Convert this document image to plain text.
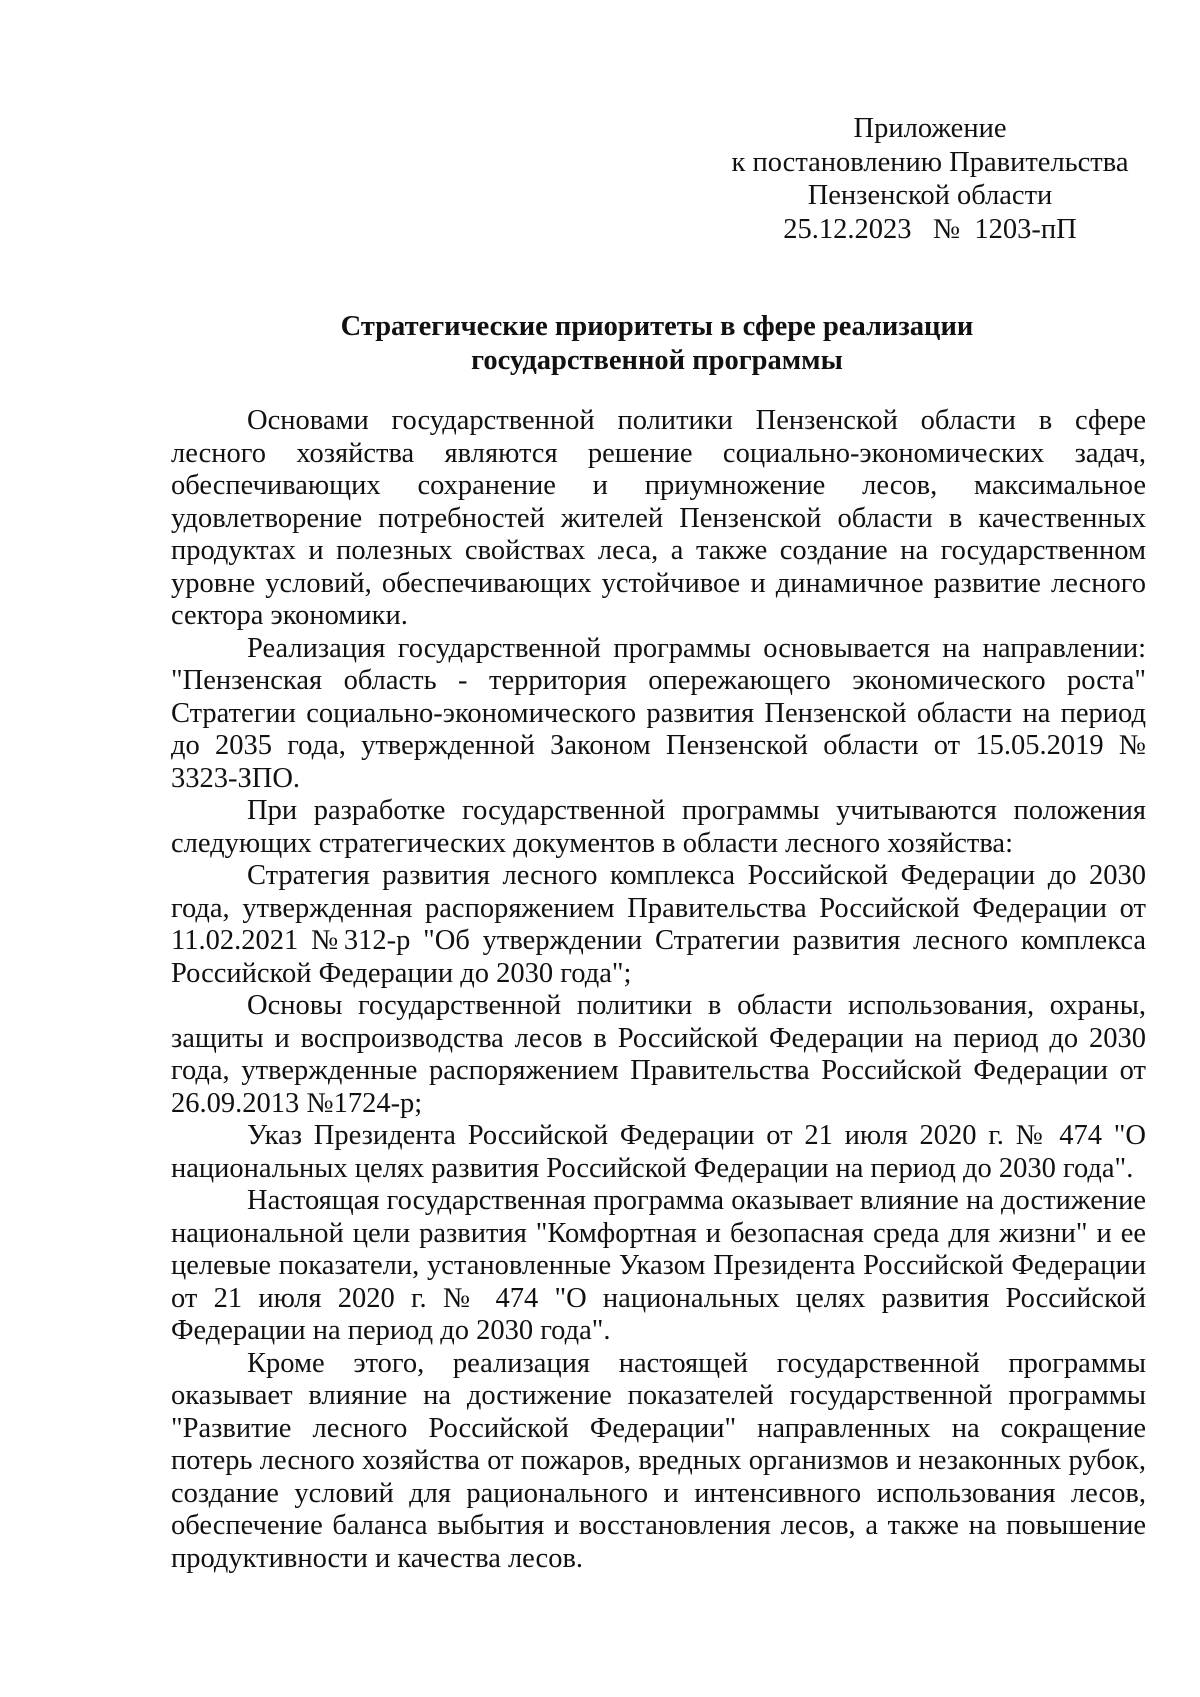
Приложение
к постановлению Правительства
Пензенской области
25.12.2023   №  1203-пП
Стратегические приоритеты в сфере реализации
государственной программы

Основами государственной политики Пензенской области в сфере лесного хозяйства являются решение социально-экономических задач, обеспечивающих сохранение и приумножение лесов, максимальное удовлетворение потребностей жителей Пензенской области в качественных продуктах и полезных свойствах леса, а также создание на государственном уровне условий, обеспечивающих устойчивое и динамичное развитие лесного сектора экономики.

Реализация государственной программы основывается на направлении: "Пензенская область - территория опережающего экономического роста" Стратегии социально-экономического развития Пензенской области на период до 2035 года, утвержденной Законом Пензенской области от 15.05.2019 № 3323-ЗПО.

При разработке государственной программы учитываются положения следующих стратегических документов в области лесного хозяйства:

Стратегия развития лесного комплекса Российской Федерации до 2030 года, утвержденная распоряжением Правительства Российской Федерации от 11.02.2021 №312-р "Об утверждении Стратегии развития лесного комплекса Российской Федерации до 2030 года";

Основы государственной политики в области использования, охраны, защиты и воспроизводства лесов в Российской Федерации на период до 2030 года, утвержденные распоряжением Правительства Российской Федерации от 26.09.2013 №1724-р;

Указ Президента Российской Федерации от 21 июля 2020 г. № 474 "О национальных целях развития Российской Федерации на период до 2030 года".

Настоящая государственная программа оказывает влияние на достижение национальной цели развития "Комфортная и безопасная среда для жизни" и ее целевые показатели, установленные Указом Президента Российской Федерации от 21 июля 2020 г. № 474 "О национальных целях развития Российской Федерации на период до 2030 года".

Кроме этого, реализация настоящей государственной программы оказывает влияние на достижение показателей государственной программы "Развитие лесного Российской Федерации" направленных на сокращение потерь лесного хозяйства от пожаров, вредных организмов и незаконных рубок, создание условий для рационального и интенсивного использования лесов, обеспечение баланса выбытия и восстановления лесов, а также на повышение продуктивности и качества лесов.
